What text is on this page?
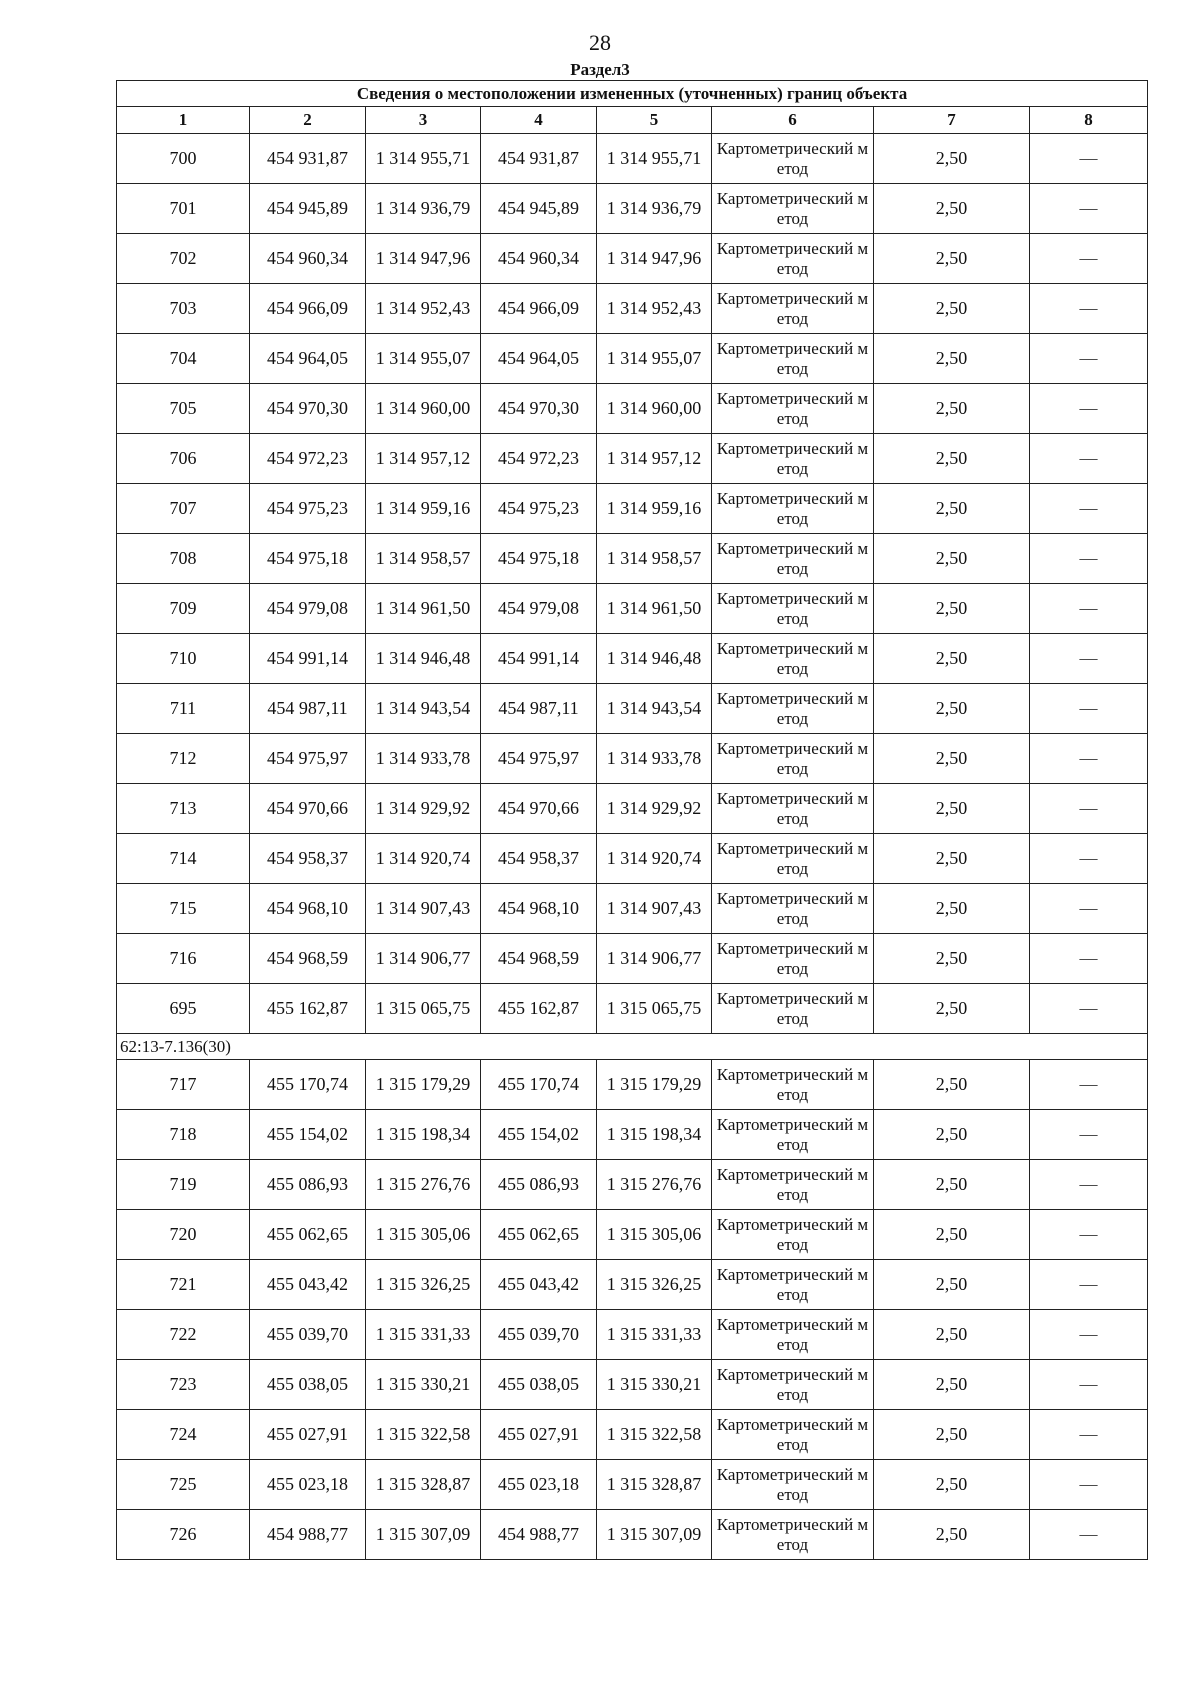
28
Раздел3
Сведения о местоположении измененных (уточненных) границ объекта							
1	2	3	4	5	6	7	8
700	454 931,87	1 314 955,71	454 931,87	1 314 955,71	Картометрический метод	2,50	—
701	454 945,89	1 314 936,79	454 945,89	1 314 936,79	Картометрический метод	2,50	—
702	454 960,34	1 314 947,96	454 960,34	1 314 947,96	Картометрический метод	2,50	—
703	454 966,09	1 314 952,43	454 966,09	1 314 952,43	Картометрический метод	2,50	—
704	454 964,05	1 314 955,07	454 964,05	1 314 955,07	Картометрический метод	2,50	—
705	454 970,30	1 314 960,00	454 970,30	1 314 960,00	Картометрический метод	2,50	—
706	454 972,23	1 314 957,12	454 972,23	1 314 957,12	Картометрический метод	2,50	—
707	454 975,23	1 314 959,16	454 975,23	1 314 959,16	Картометрический метод	2,50	—
708	454 975,18	1 314 958,57	454 975,18	1 314 958,57	Картометрический метод	2,50	—
709	454 979,08	1 314 961,50	454 979,08	1 314 961,50	Картометрический метод	2,50	—
710	454 991,14	1 314 946,48	454 991,14	1 314 946,48	Картометрический метод	2,50	—
711	454 987,11	1 314 943,54	454 987,11	1 314 943,54	Картометрический метод	2,50	—
712	454 975,97	1 314 933,78	454 975,97	1 314 933,78	Картометрический метод	2,50	—
713	454 970,66	1 314 929,92	454 970,66	1 314 929,92	Картометрический метод	2,50	—
714	454 958,37	1 314 920,74	454 958,37	1 314 920,74	Картометрический метод	2,50	—
715	454 968,10	1 314 907,43	454 968,10	1 314 907,43	Картометрический метод	2,50	—
716	454 968,59	1 314 906,77	454 968,59	1 314 906,77	Картометрический метод	2,50	—
695	455 162,87	1 315 065,75	455 162,87	1 315 065,75	Картометрический метод	2,50	—
62:13-7.136(30)							
717	455 170,74	1 315 179,29	455 170,74	1 315 179,29	Картометрический метод	2,50	—
718	455 154,02	1 315 198,34	455 154,02	1 315 198,34	Картометрический метод	2,50	—
719	455 086,93	1 315 276,76	455 086,93	1 315 276,76	Картометрический метод	2,50	—
720	455 062,65	1 315 305,06	455 062,65	1 315 305,06	Картометрический метод	2,50	—
721	455 043,42	1 315 326,25	455 043,42	1 315 326,25	Картометрический метод	2,50	—
722	455 039,70	1 315 331,33	455 039,70	1 315 331,33	Картометрический метод	2,50	—
723	455 038,05	1 315 330,21	455 038,05	1 315 330,21	Картометрический метод	2,50	—
724	455 027,91	1 315 322,58	455 027,91	1 315 322,58	Картометрический метод	2,50	—
725	455 023,18	1 315 328,87	455 023,18	1 315 328,87	Картометрический метод	2,50	—
726	454 988,77	1 315 307,09	454 988,77	1 315 307,09	Картометрический метод	2,50	—
